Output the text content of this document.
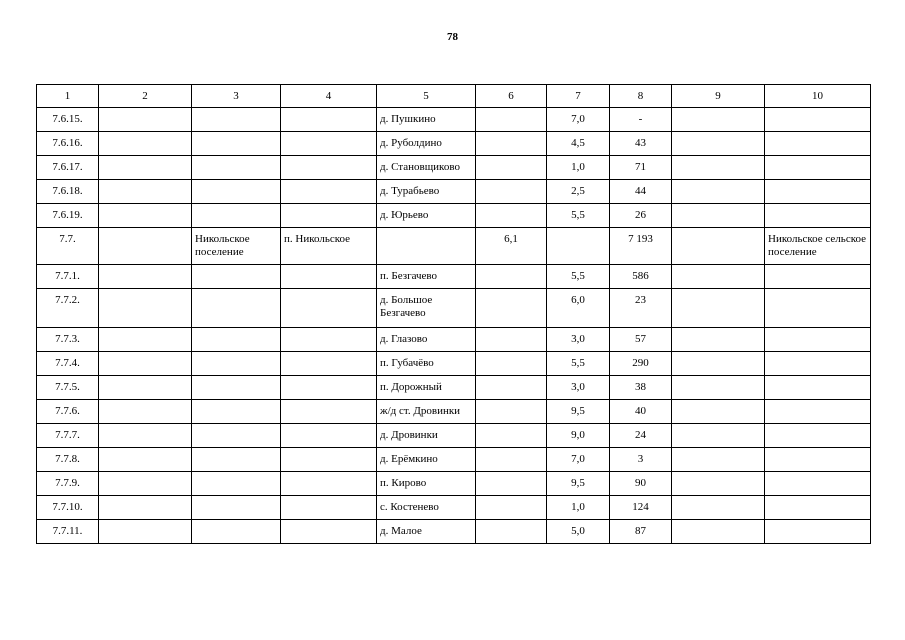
78
1	2	3	4	5	6	7	8	9	10
7.6.15.				д. Пушкино		7,0	-		
7.6.16.				д. Руболдино		4,5	43		
7.6.17.				д. Становщиково		1,0	71		
7.6.18.				д. Турабьево		2,5	44		
7.6.19.				д. Юрьево		5,5	26		
7.7.		Никольское поселение	п. Никольское		6,1		7 193		Никольское сельское поселение
7.7.1.				п. Безгачево		5,5	586		
7.7.2.				д. Большое Безгачево		6,0	23		
7.7.3.				д. Глазово		3,0	57		
7.7.4.				п. Губачёво		5,5	290		
7.7.5.				п. Дорожный		3,0	38		
7.7.6.				ж/д ст. Дровинки		9,5	40		
7.7.7.				д. Дровинки		9,0	24		
7.7.8.				д. Ерёмкино		7,0	3		
7.7.9.				п. Кирово		9,5	90		
7.7.10.				с. Костенево		1,0	124		
7.7.11.				д. Малое		5,0	87		
